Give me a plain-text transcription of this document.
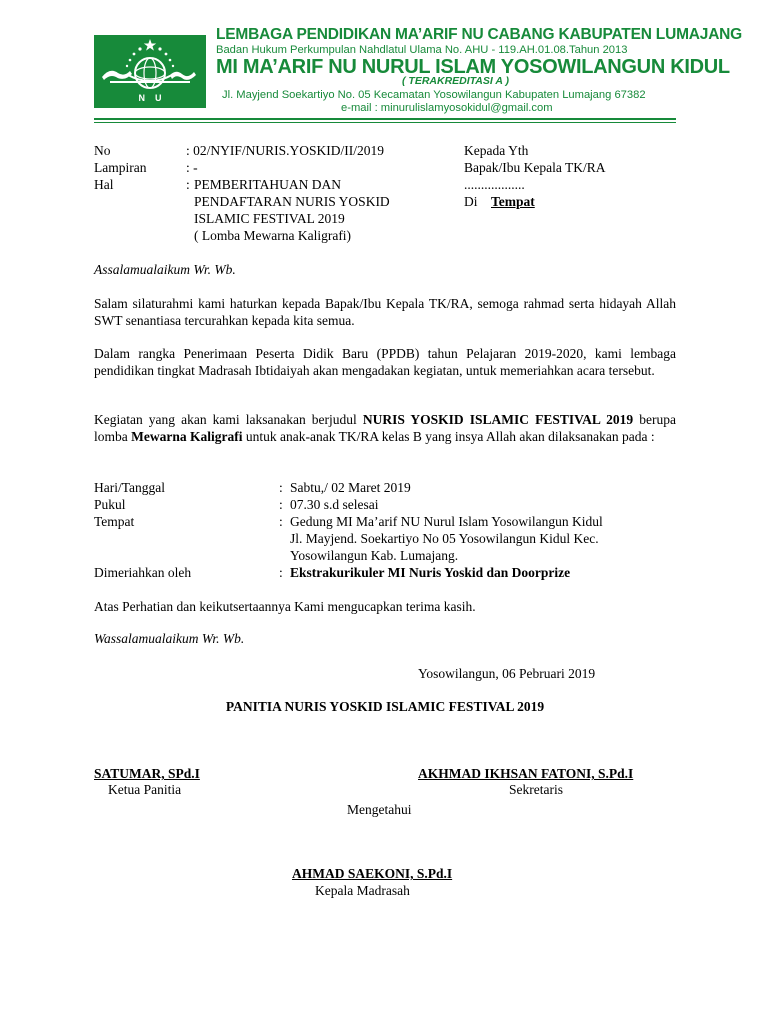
N    U
LEMBAGA PENDIDIKAN MA’ARIF NU CABANG KABUPATEN LUMAJANG
Badan Hukum Perkumpulan Nahdlatul Ulama No. AHU - 119.AH.01.08.Tahun 2013
MI MA’ARIF NU NURUL ISLAM YOSOWILANGUN KIDUL
( TERAKREDITASI A )
Jl. Mayjend Soekartiyo No. 05 Kecamatan Yosowilangun Kabupaten Lumajang 67382
e-mail : minurulislamyosokidul@gmail.com
No	: 02/NYIF/NURIS.YOSKID/II/2019
Lampiran	: -
Hal	: PEMBERITAHUAN DAN
PENDAFTARAN NURIS YOSKID
ISLAMIC FESTIVAL 2019
( Lomba Mewarna Kaligrafi)
Kepada Yth
Bapak/Ibu Kepala TK/RA
..................
Di Tempat
Assalamualaikum Wr. Wb.
Salam silaturahmi kami haturkan kepada Bapak/Ibu Kepala TK/RA, semoga rahmad serta hidayah Allah SWT senantiasa tercurahkan kepada kita semua.
Dalam rangka Penerimaan Peserta Didik Baru (PPDB) tahun Pelajaran 2019-2020, kami lembaga pendidikan tingkat Madrasah Ibtidaiyah akan mengadakan kegiatan, untuk memeriahkan acara tersebut.
Kegiatan yang akan kami laksanakan berjudul NURIS YOSKID ISLAMIC FESTIVAL 2019 berupa lomba Mewarna Kaligrafi untuk anak-anak TK/RA kelas B yang insya Allah akan dilaksanakan pada :
Hari/Tanggal	: Sabtu,/ 02 Maret 2019
Pukul	: 07.30 s.d selesai
Tempat	: Gedung MI Ma’arif NU Nurul Islam Yosowilangun Kidul
Jl. Mayjend. Soekartiyo No 05 Yosowilangun Kidul Kec.
Yosowilangun Kab. Lumajang.
Dimeriahkan oleh	: Ekstrakurikuler MI Nuris Yoskid dan Doorprize
Atas Perhatian dan keikutsertaannya Kami mengucapkan terima kasih.
Wassalamualaikum Wr. Wb.
Yosowilangun, 06 Pebruari 2019
PANITIA NURIS YOSKID ISLAMIC FESTIVAL 2019
SATUMAR, SPd.I
Ketua Panitia
AKHMAD IKHSAN FATONI, S.Pd.I
Sekretaris
Mengetahui
AHMAD SAEKONI, S.Pd.I
Kepala Madrasah
